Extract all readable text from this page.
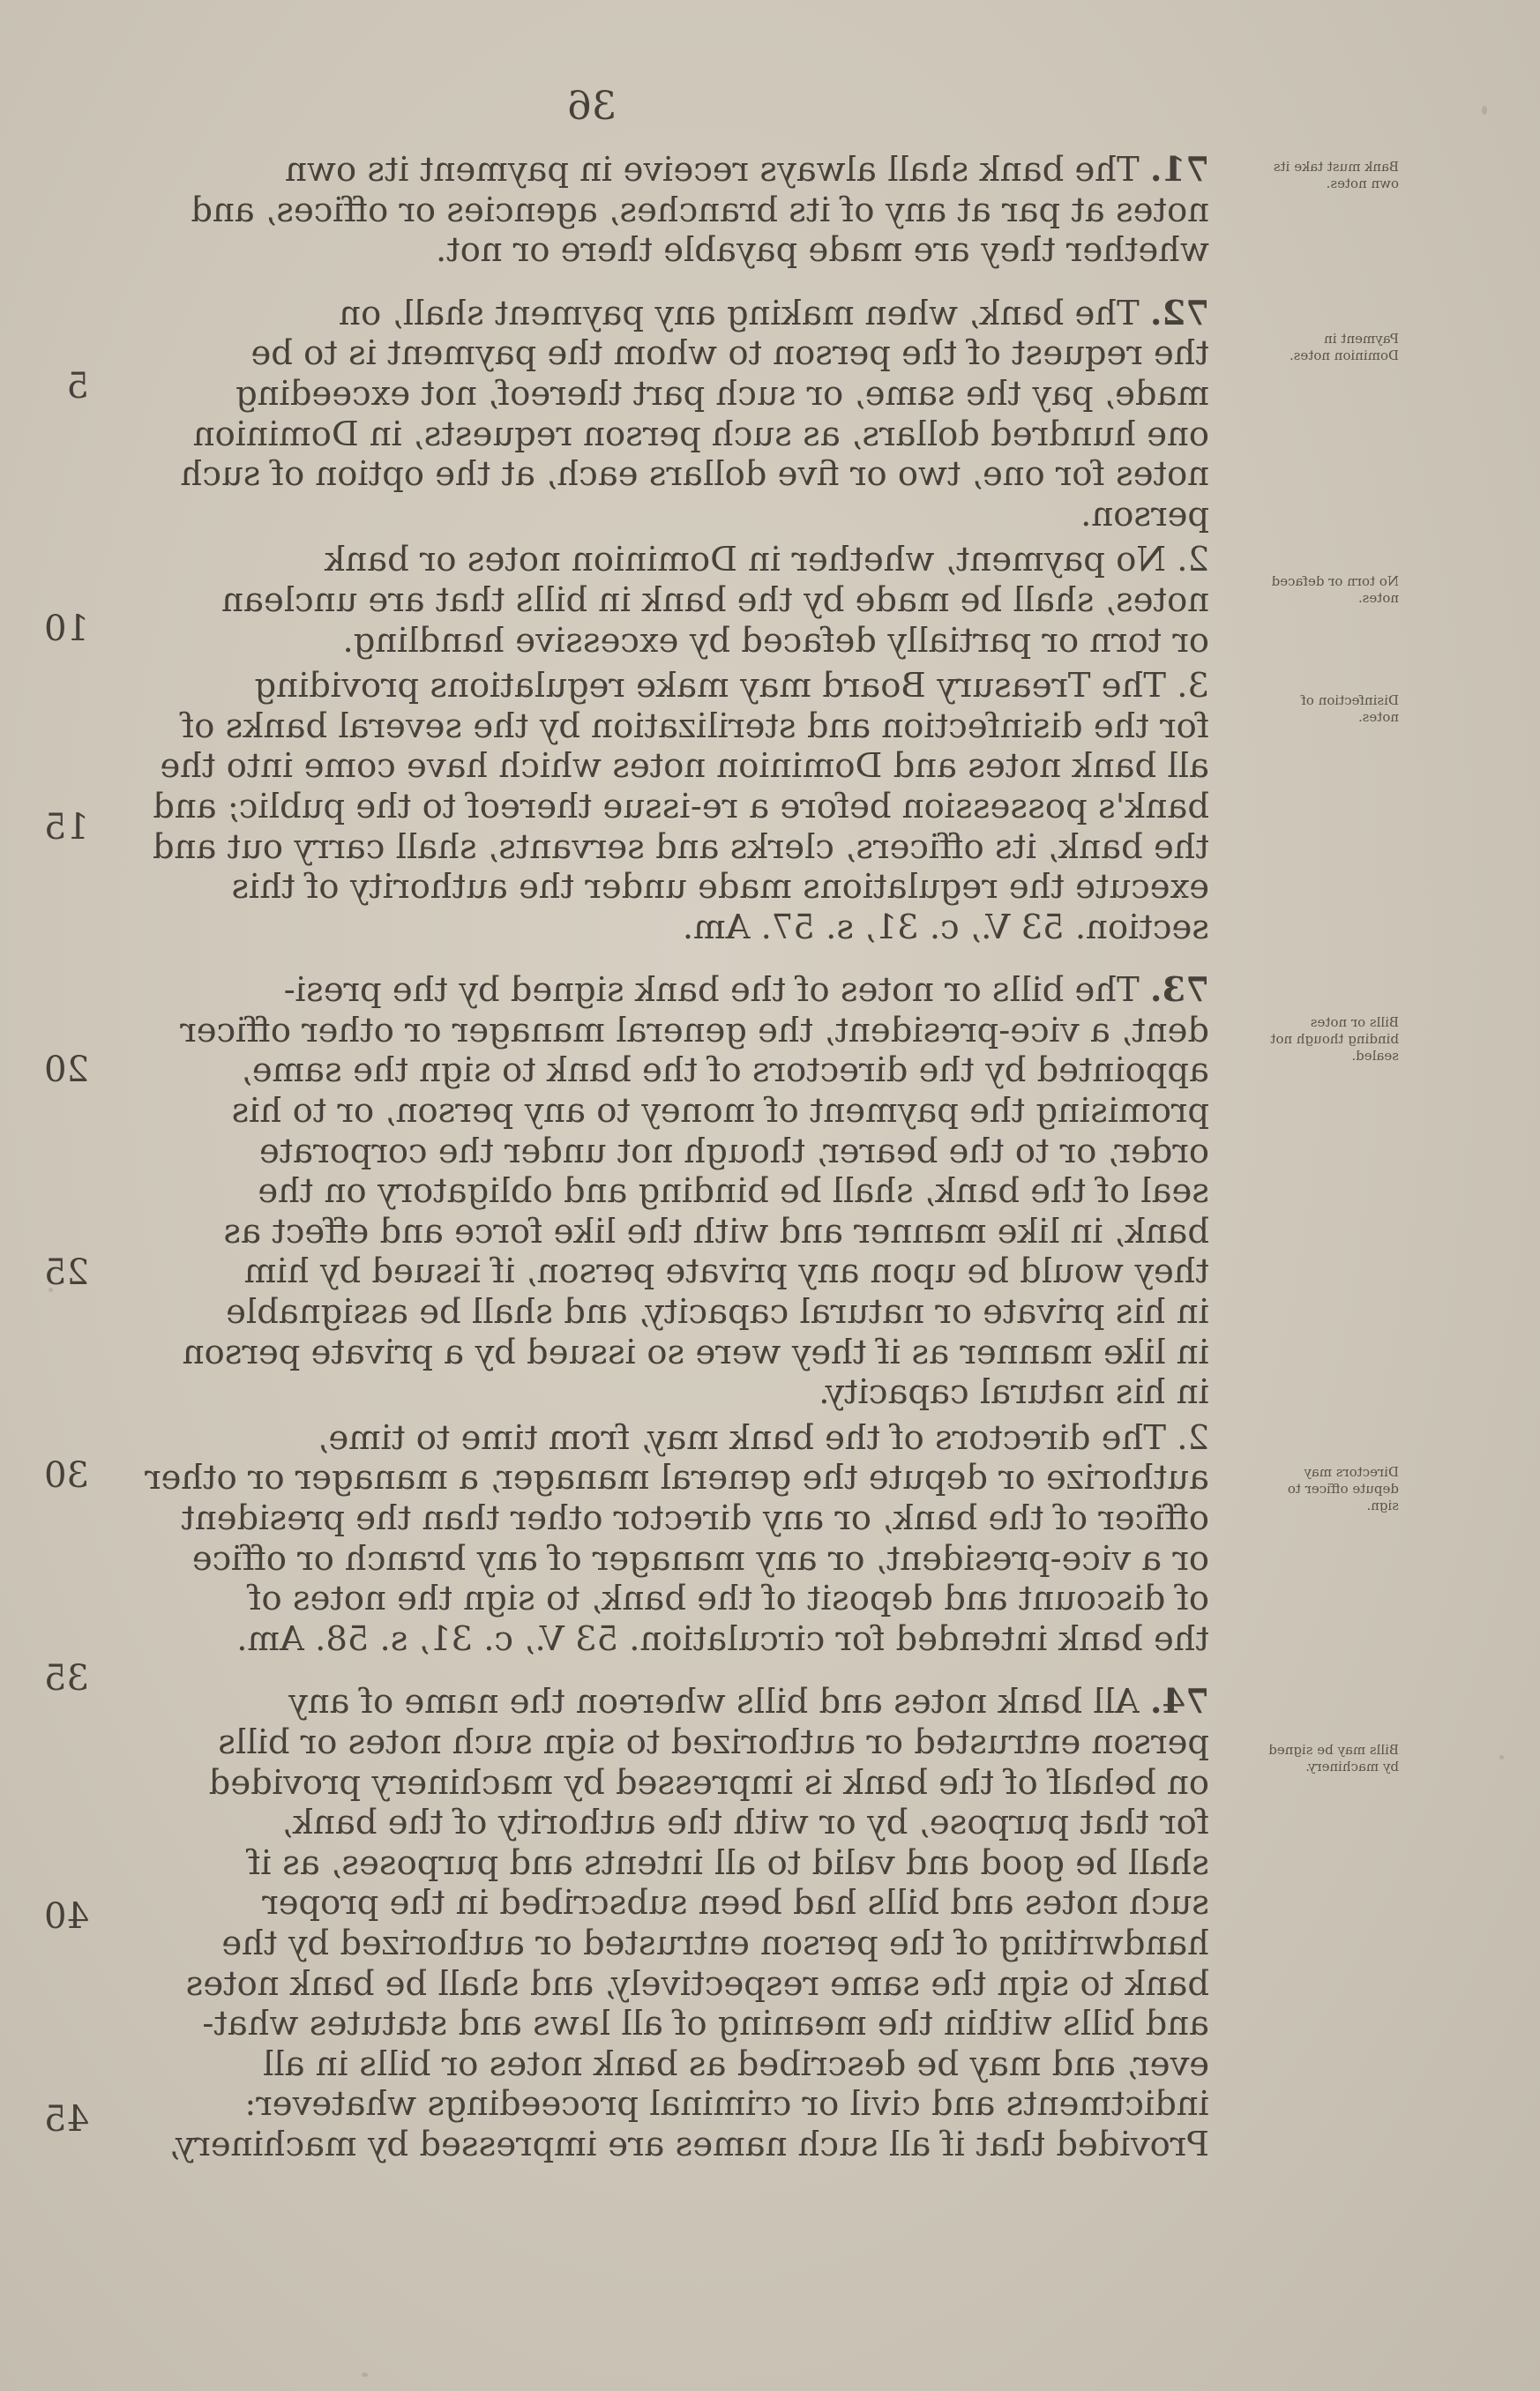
36
71. The bank shall always receive in payment its own
notes at par at any of its branches, agencies or offices, and
whether they are made payable there or not.
72. The bank, when making any payment shall, on
the request of the person to whom the payment is to be
made, pay the same, or such part thereof, not exceeding
one hundred dollars, as such person requests, in Dominion
notes for one, two or five dollars each, at the option of such
person.
2. No payment, whether in Dominion notes or bank
notes, shall be made by the bank in bills that are unclean
or torn or partially defaced by excessive handling.
3. The Treasury Board may make regulations providing
for the disinfection and sterilization by the several banks of
all bank notes and Dominion notes which have come into the
bank's possession before a re-issue thereof to the public; and
the bank, its officers, clerks and servants, shall carry out and
execute the regulations made under the authority of this
section. 53 V., c. 31, s. 57. Am.
73. The bills or notes of the bank signed by the presi-
dent, a vice-president, the general manager or other officer
appointed by the directors of the bank to sign the same,
promising the payment of money to any person, or to his
order, or to the bearer, though not under the corporate
seal of the bank, shall be binding and obligatory on the
bank, in like manner and with the like force and effect as
they would be upon any private person, if issued by him
in his private or natural capacity, and shall be assignable
in like manner as if they were so issued by a private person
in his natural capacity.
2. The directors of the bank may, from time to time,
authorize or depute the general manager, a manager or other
officer of the bank, or any director other than the president
or a vice-president, or any manager of any branch or office
of discount and deposit of the bank, to sign the notes of
the bank intended for circulation. 53 V., c. 31, s. 58. Am.
74. All bank notes and bills whereon the name of any
person entrusted or authorized to sign such notes or bills
on behalf of the bank is impressed by machinery provided
for that purpose, by or with the authority of the bank,
shall be good and valid to all intents and purposes, as if
such notes and bills had been subscribed in the proper
handwriting of the person entrusted or authorized by the
bank to sign the same respectively, and shall be bank notes
and bills within the meaning of all laws and statutes what-
ever, and may be described as bank notes or bills in all
indictments and civil or criminal proceedings whatever:
Provided that if all such names are impressed by machinery,
Bank must take its own notes.
Payment in Dominion notes.
No torn or defaced notes.
Disinfection of notes.
Bills or notes binding though not sealed.
Directors may depute officer to sign.
Bills may be signed by machinery.
5
10
15
20
25
30
35
40
45
